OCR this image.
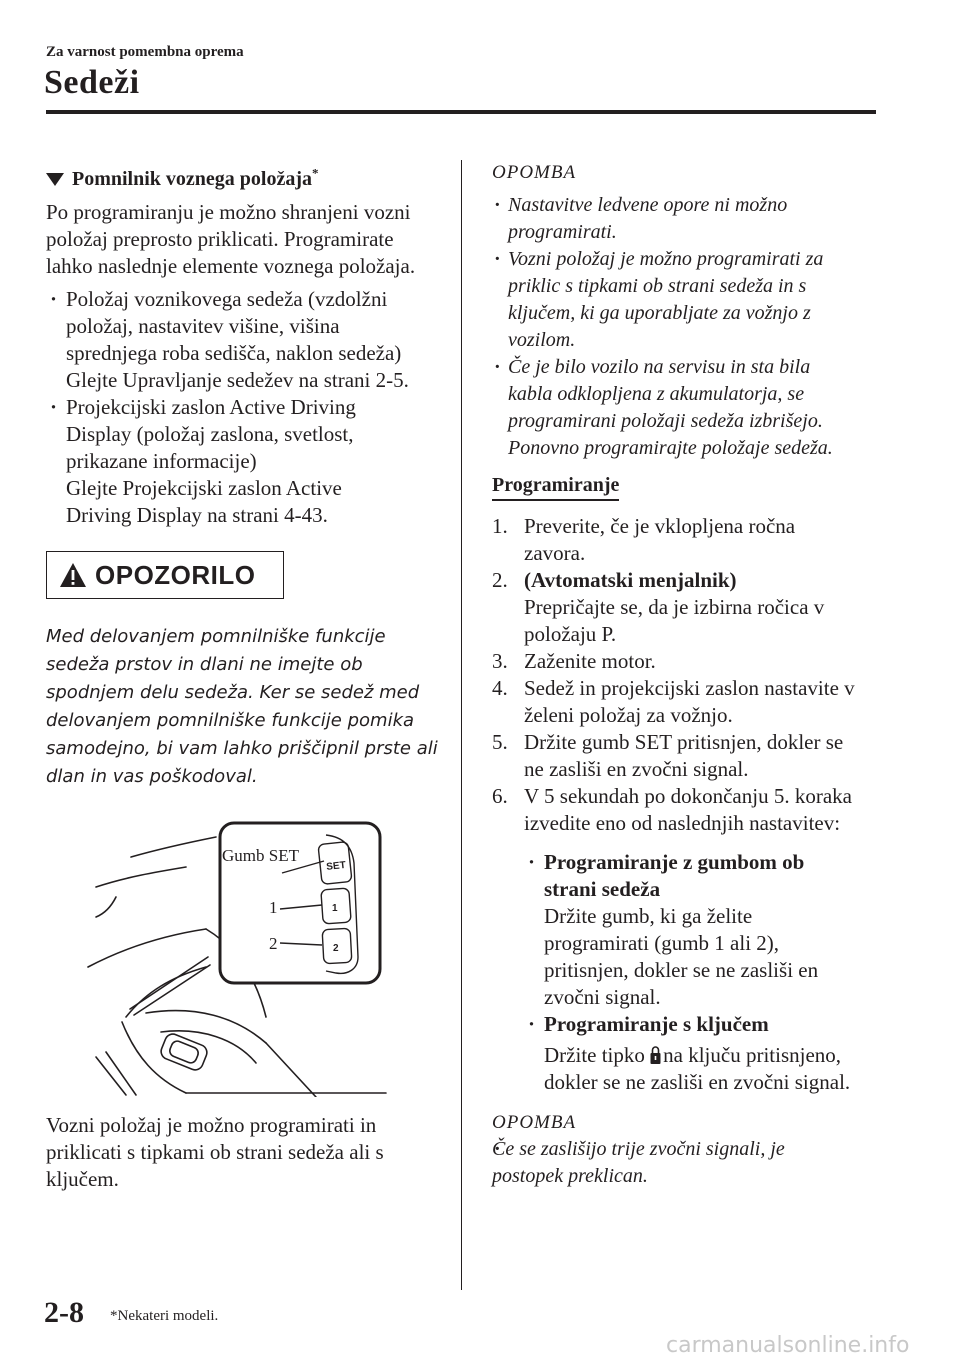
Za varnost pomembna oprema
Sedeži
Pomnilnik voznega položaja*

Po programiranju je možno shranjeni vozni položaj preprosto priklicati. Programirate lahko naslednje elemente voznega položaja.

· Položaj voznikovega sedeža (vzdolžni
položaj, nastavitev višine, višina
sprednjega roba sedišča, naklon sedeža)
Glejte Upravljanje sedežev na strani 2-5.
· Projekcijski zaslon Active Driving
Display (položaj zaslona, svetlost,
prikazane informacije)
Glejte Projekcijski zaslon Active
Driving Display na strani 4-43.
OPOZORILO
Med delovanjem pomnilniške funkcije
sedeža prstov in dlani ne imejte ob
spodnjem delu sedeža. Ker se sedež med
delovanjem pomnilniške funkcije pomika
samodejno, bi vam lahko priščipnil prste ali
dlan in vas poškodoval.
Gumb SET
1
2
SET
1
2
Vozni položaj je možno programirati in
priklicati s tipkami ob strani sedeža ali s
ključem.
OPOMBA
· Nastavitve ledvene opore ni možno
programirati.
· Vozni položaj je možno programirati za
priklic s tipkami ob strani sedeža in s
ključem, ki ga uporabljate za vožnjo z
vozilom.
· Če je bilo vozilo na servisu in sta bila
kabla odklopljena z akumulatorja, se
programirani položaji sedeža izbrišejo.
Ponovno programirajte položaje sedeža.
Programiranje
1. Preverite, če je vklopljena ročna
zavora.
2. (Avtomatski menjalnik)
Prepričajte se, da je izbirna ročica v
položaju P.
3. Zaženite motor.
4. Sedež in projekcijski zaslon nastavite v
želeni položaj za vožnjo.
5. Držite gumb SET pritisnjen, dokler se
ne zasliši en zvočni signal.
6. V 5 sekundah po dokončanju 5. koraka
izvedite eno od naslednjih nastavitev:
· Programiranje z gumbom ob
strani sedeža
Držite gumb, ki ga želite
programirati (gumb 1 ali 2),
pritisnjen, dokler se ne zasliši en
zvočni signal.
· Programiranje s ključem
Držite tipko na ključu pritisnjeno,
dokler se ne zasliši en zvočni signal.
OPOMBA
· Če se zaslišijo trije zvočni signali, je
postopek preklican.
2-8 *Nekateri modeli.
carmanualsonline.info
